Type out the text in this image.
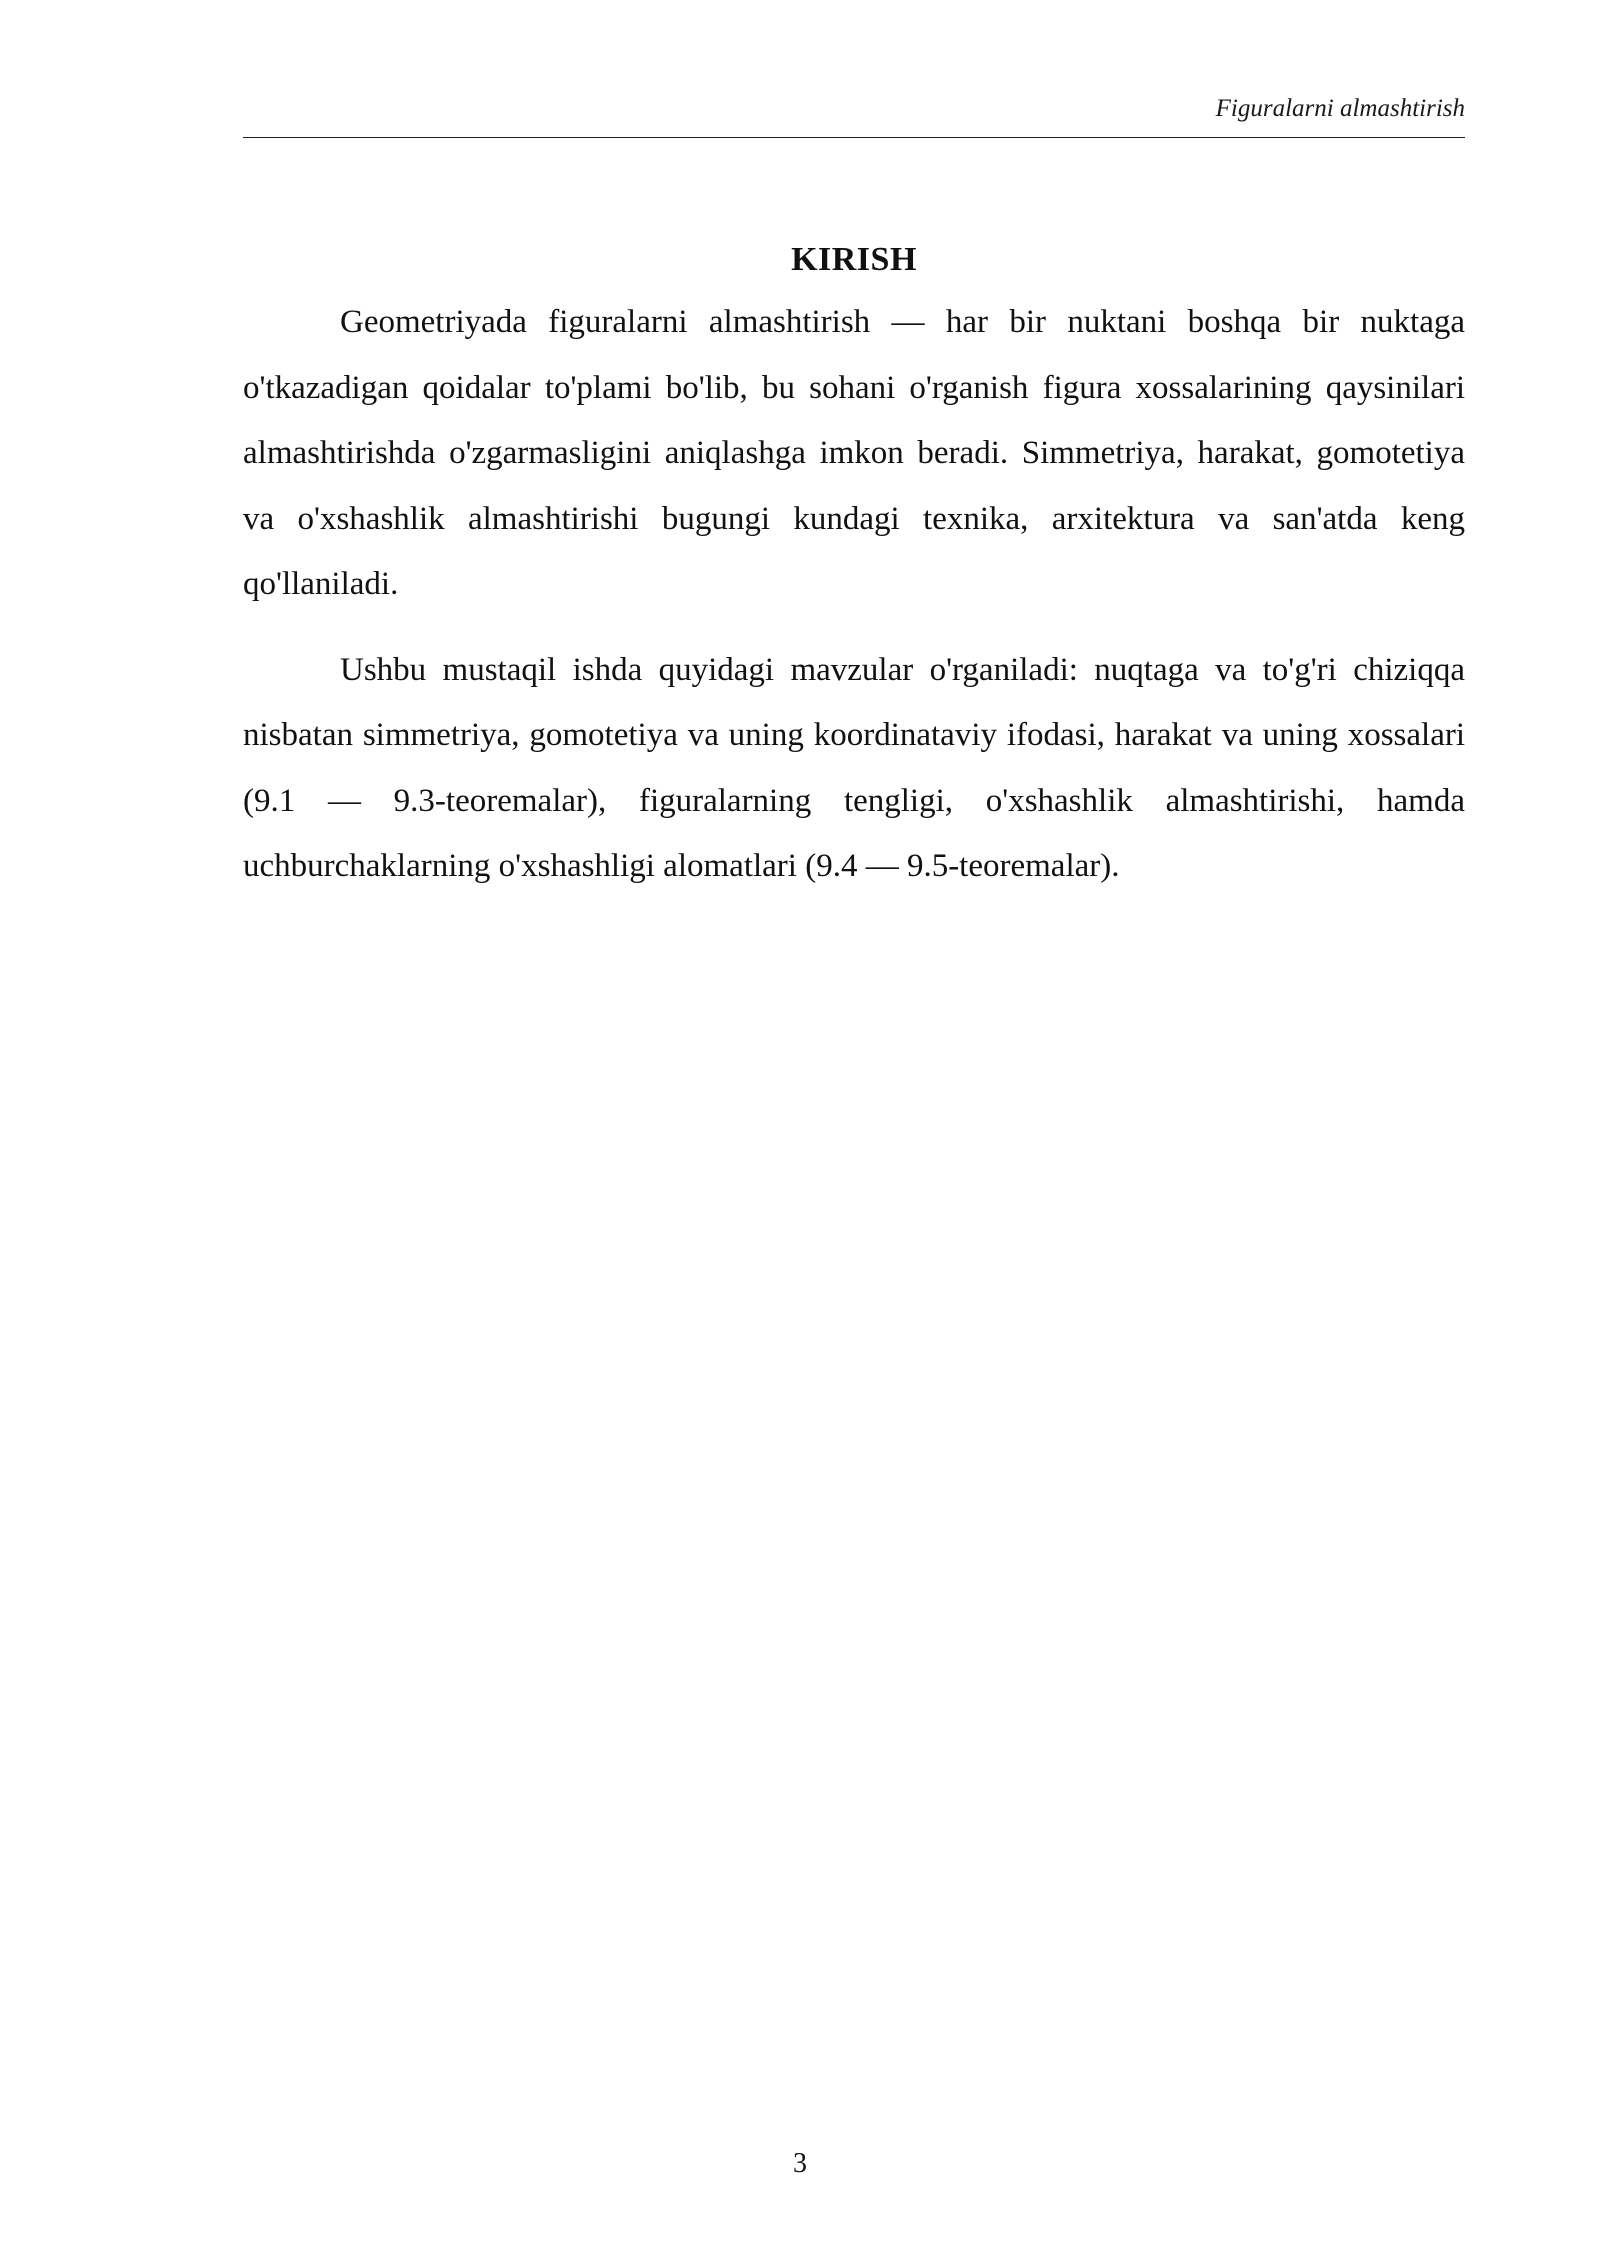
Figuralarni almashtirish
KIRISH

Geometriyada figuralarni almashtirish — har bir nuktani boshqa bir nuktaga o'tkazadigan qoidalar to'plami bo'lib, bu sohani o'rganish figura xossalarining qaysinilari almashtirishda o'zgarmasligini aniqlashga imkon beradi. Simmetriya, harakat, gomotetiya va o'xshashlik almashtirishi bugungi kundagi texnika, arxitektura va san'atda keng qo'llaniladi.

Ushbu mustaqil ishda quyidagi mavzular o'rganiladi: nuqtaga va to'g'ri chiziqqa nisbatan simmetriya, gomotetiya va uning koordinataviy ifodasi, harakat va uning xossalari (9.1 — 9.3-teoremalar), figuralarning tengligi, o'xshashlik almashtirishi, hamda uchburchaklarning o'xshashligi alomatlari (9.4 — 9.5-teoremalar).

3
